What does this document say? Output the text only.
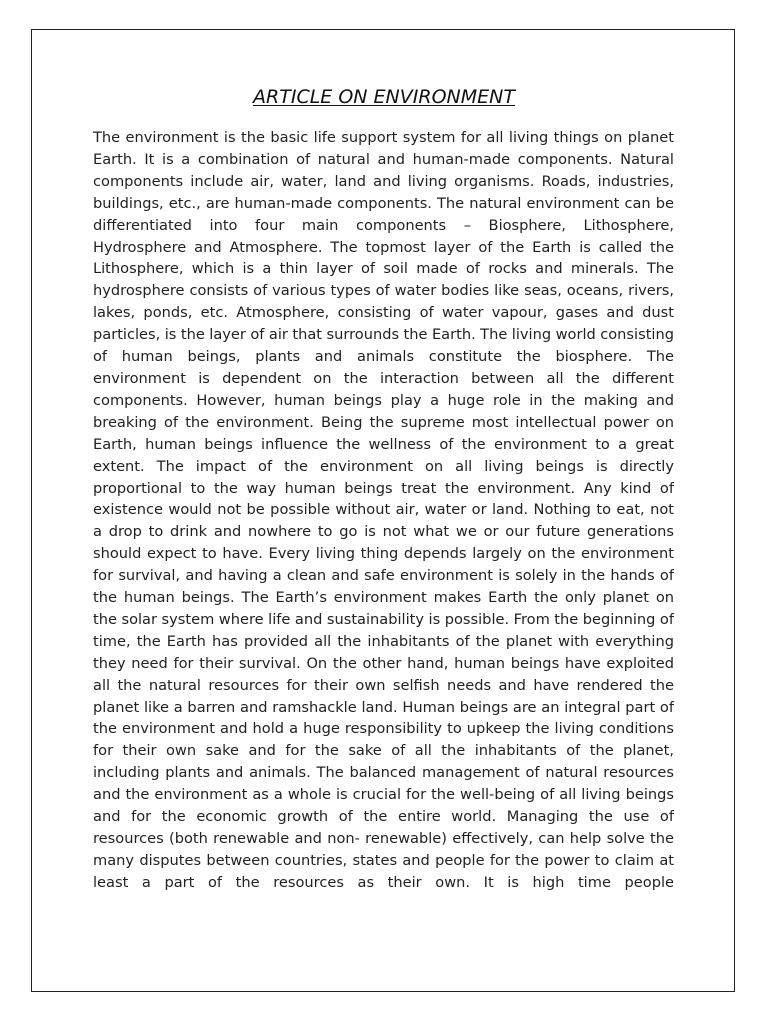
ARTICLE ON ENVIRONMENT

The environment is the basic life support system for all living things on planet Earth. It is a combination of natural and human-made components. Natural components include air, water, land and living organisms. Roads, industries, buildings, etc., are human-made components. The natural environment can be differentiated into four main components – Biosphere, Lithosphere, Hydrosphere and Atmosphere. The topmost layer of the Earth is called the Lithosphere, which is a thin layer of soil made of rocks and minerals. The hydrosphere consists of various types of water bodies like seas, oceans, rivers, lakes, ponds, etc. Atmosphere, consisting of water vapour, gases and dust particles, is the layer of air that surrounds the Earth. The living world consisting of human beings, plants and animals constitute the biosphere. The environment is dependent on the interaction between all the different components. However, human beings play a huge role in the making and breaking of the environment. Being the supreme most intellectual power on Earth, human beings influence the wellness of the environment to a great extent. The impact of the environment on all living beings is directly proportional to the way human beings treat the environment. Any kind of existence would not be possible without air, water or land. Nothing to eat, not a drop to drink and nowhere to go is not what we or our future generations should expect to have. Every living thing depends largely on the environment for survival, and having a clean and safe environment is solely in the hands of the human beings. The Earth’s environment makes Earth the only planet on the solar system where life and sustainability is possible. From the beginning of time, the Earth has provided all the inhabitants of the planet with everything they need for their survival. On the other hand, human beings have exploited all the natural resources for their own selfish needs and have rendered the planet like a barren and ramshackle land. Human beings are an integral part of the environment and hold a huge responsibility to upkeep the living conditions for their own sake and for the sake of all the inhabitants of the planet, including plants and animals. The balanced management of natural resources and the environment as a whole is crucial for the well-being of all living beings and for the economic growth of the entire world. Managing the use of resources (both renewable and non- renewable) effectively, can help solve the many disputes between countries, states and people for the power to claim at least a part of the resources as their own. It is high time people
